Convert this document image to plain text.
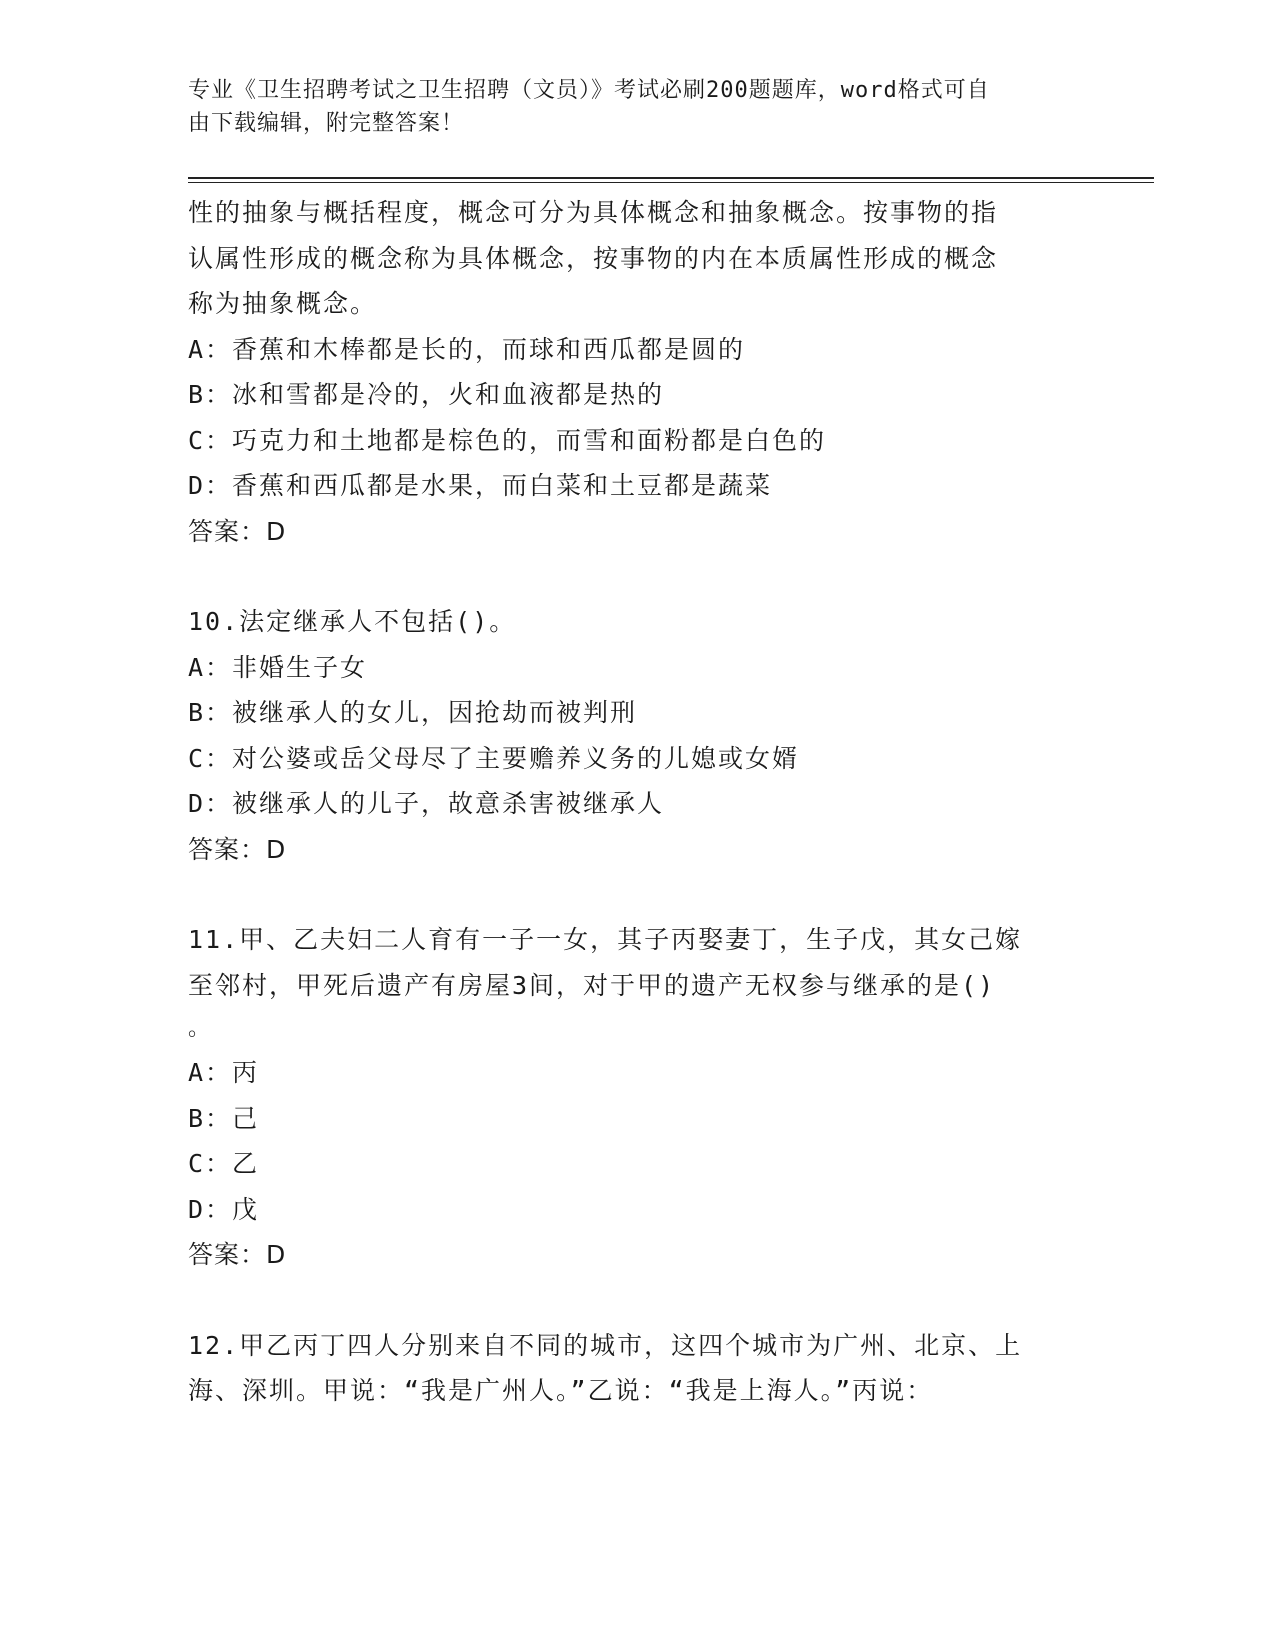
专业《卫生招聘考试之卫生招聘（文员）》考试必刷200题题库，word格式可自
由下载编辑，附完整答案！
性的抽象与概括程度，概念可分为具体概念和抽象概念。按事物的指
认属性形成的概念称为具体概念，按事物的内在本质属性形成的概念
称为抽象概念。
A：香蕉和木棒都是长的，而球和西瓜都是圆的
B：冰和雪都是冷的，火和血液都是热的
C：巧克力和土地都是棕色的，而雪和面粉都是白色的
D：香蕉和西瓜都是水果，而白菜和土豆都是蔬菜
答案：D
10.法定继承人不包括()。
A：非婚生子女
B：被继承人的女儿，因抢劫而被判刑
C：对公婆或岳父母尽了主要赡养义务的儿媳或女婿
D：被继承人的儿子，故意杀害被继承人
答案：D
11.甲、乙夫妇二人育有一子一女，其子丙娶妻丁，生子戊，其女己嫁
至邻村，甲死后遗产有房屋3间，对于甲的遗产无权参与继承的是()
。
A：丙
B：己
C：乙
D：戊
答案：D
12.甲乙丙丁四人分别来自不同的城市，这四个城市为广州、北京、上
海、深圳。甲说：“我是广州人。”乙说：“我是上海人。”丙说：
